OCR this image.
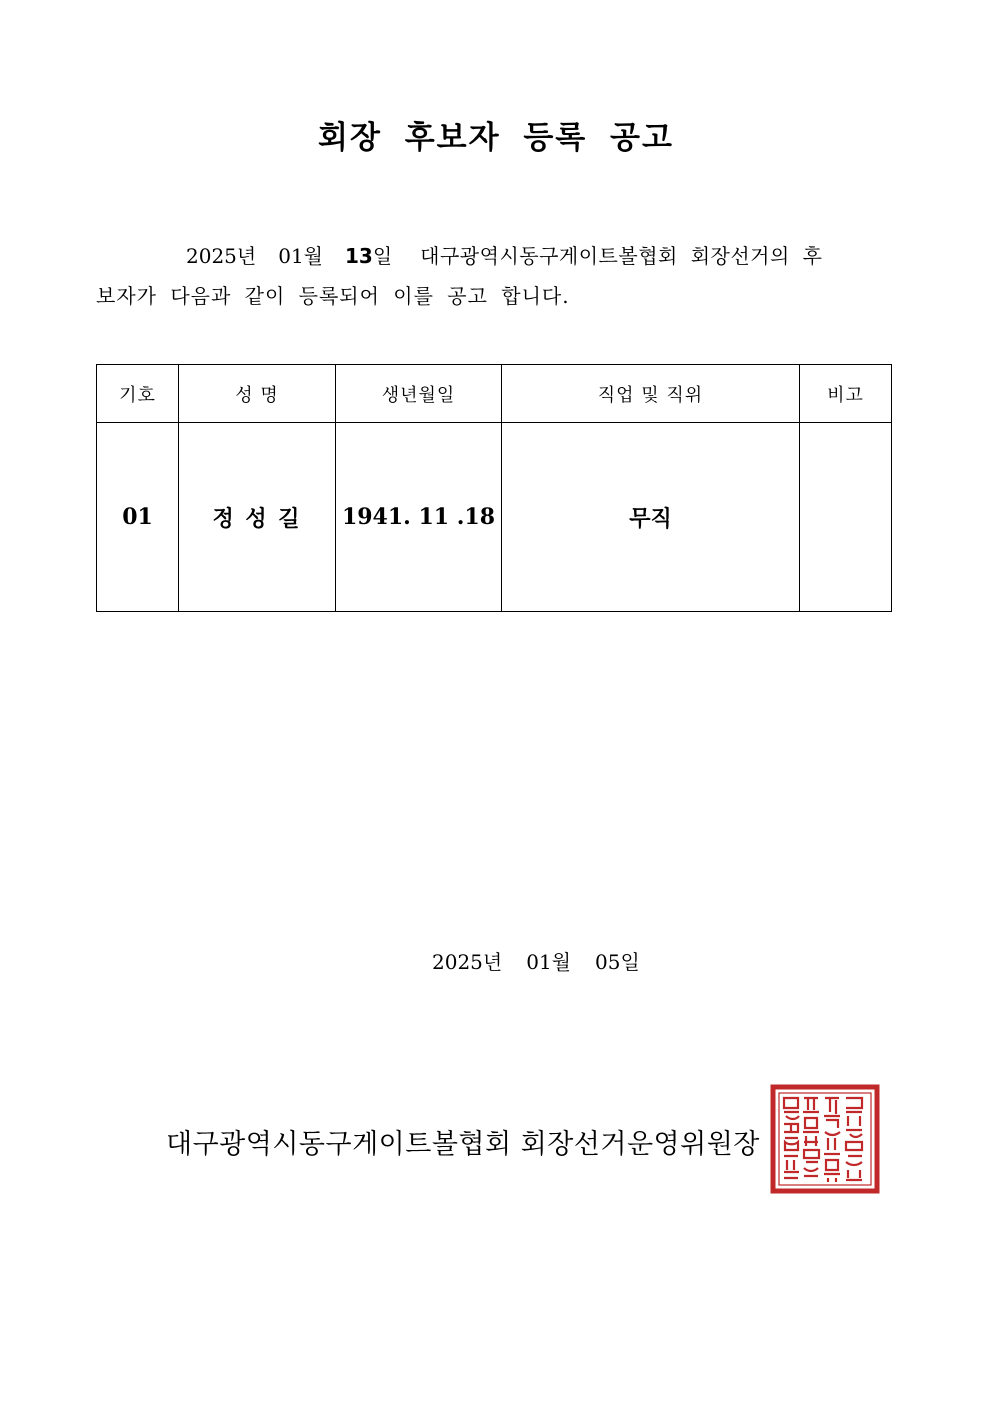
회장 후보자 등록 공고
2025년 01월 13일 대구광역시동구게이트볼협회 회장선거의 후
보자가 다음과 같이 등록되어 이를 공고 합니다.
기호	성 명	생년월일	직업 및 직위	비고
01	정 성 길	1941. 11 .18	무직	
2025년 01월 05일
대구광역시동구게이트볼협회 회장선거운영위원장
